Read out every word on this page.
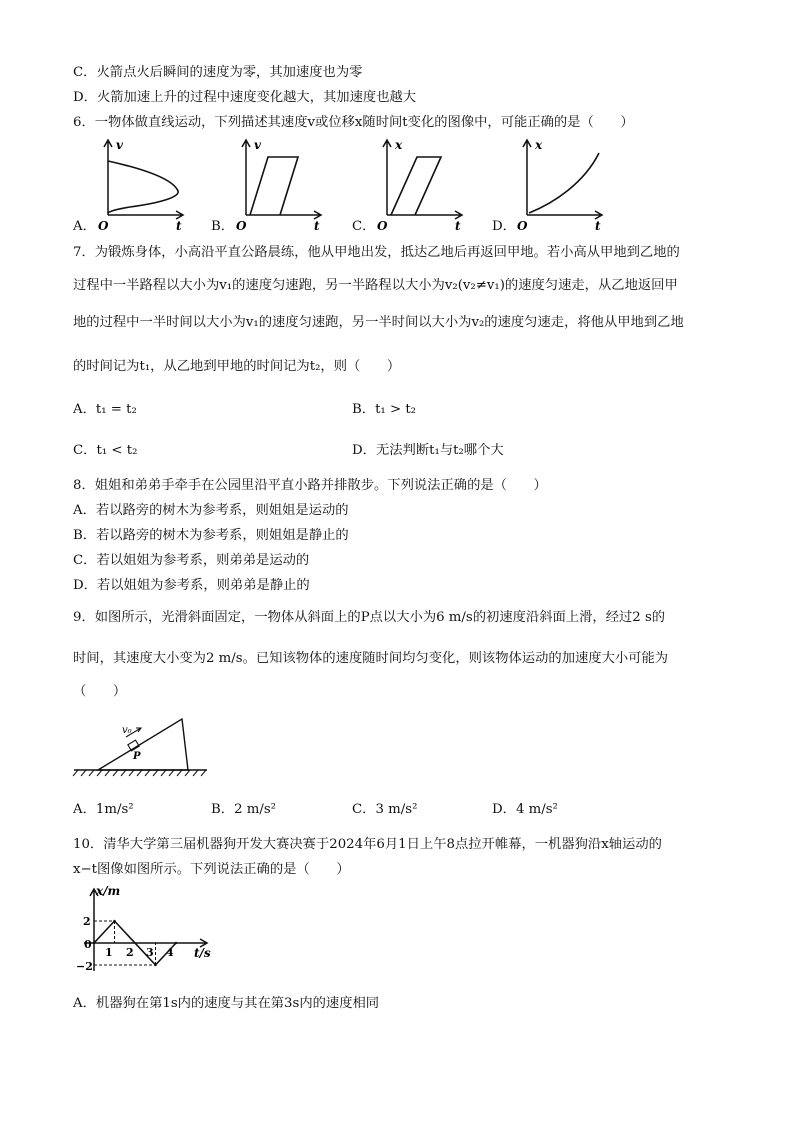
C．火箭点火后瞬间的速度为零，其加速度也为零
D．火箭加速上升的过程中速度变化越大，其加速度也越大
6．一物体做直线运动，下列描述其速度v或位移x随时间t变化的图像中，可能正确的是（　　）
A．
v
O	t B．
v
O	t C．
x
O	t D．
x
O	t
7．为锻炼身体，小高沿平直公路晨练，他从甲地出发，抵达乙地后再返回甲地。若小高从甲地到乙地的
过程中一半路程以大小为v₁的速度匀速跑，另一半路程以大小为v₂(v₂≠v₁)的速度匀速走，从乙地返回甲
地的过程中一半时间以大小为v₁的速度匀速跑，另一半时间以大小为v₂的速度匀速走，将他从甲地到乙地
的时间记为t₁，从乙地到甲地的时间记为t₂，则（　　）
A．t₁ = t₂	B．t₁ > t₂
C．t₁ < t₂	D．无法判断t₁与t₂哪个大
8．姐姐和弟弟手牵手在公园里沿平直小路并排散步。下列说法正确的是（　　）
A．若以路旁的树木为参考系，则姐姐是运动的
B．若以路旁的树木为参考系，则姐姐是静止的
C．若以姐姐为参考系，则弟弟是运动的
D．若以姐姐为参考系，则弟弟是静止的
9．如图所示，光滑斜面固定，一物体从斜面上的P点以大小为6 m/s的初速度沿斜面上滑，经过2 s的
时间，其速度大小变为2 m/s。已知该物体的速度随时间均匀变化，则该物体运动的加速度大小可能为
（　　）
v₀
P
A．1m/s²	B．2 m/s²	C．3 m/s²	D．4 m/s²
10．清华大学第三届机器狗开发大赛决赛于2024年6月1日上午8点拉开帷幕，一机器狗沿x轴运动的
x−t图像如图所示。下列说法正确的是（　　）
x/m
t/s
0
2
−2
1 2 3 4
A．机器狗在第1s内的速度与其在第3s内的速度相同
